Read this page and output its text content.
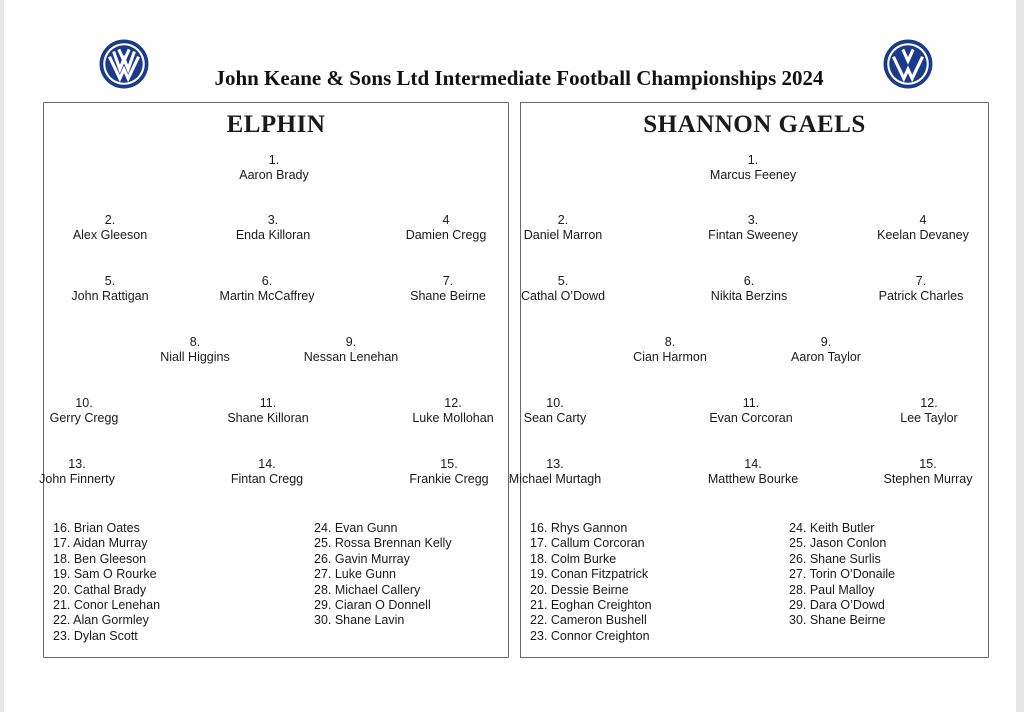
John Keane & Sons Ltd Intermediate Football Championships 2024
ELPHIN
1.
Aaron Brady
2.
Alex Gleeson
3.
Enda Killoran
4
Damien Cregg
5.
John Rattigan
6.
Martin McCaffrey
7.
Shane Beirne
8.
Niall Higgins
9.
Nessan Lenehan
10.
Gerry Cregg
11.
Shane Killoran
12.
Luke Mollohan
13.
John Finnerty
14.
Fintan Cregg
15.
Frankie Cregg
16. Brian Oates
17. Aidan Murray
18. Ben Gleeson
19. Sam O Rourke
20. Cathal Brady
21. Conor Lenehan
22. Alan Gormley
23. Dylan Scott
24. Evan Gunn
25. Rossa Brennan Kelly
26. Gavin Murray
27. Luke Gunn
28. Michael Callery
29. Ciaran O Donnell
30. Shane Lavin
SHANNON GAELS
1.
Marcus Feeney
2.
Daniel Marron
3.
Fintan Sweeney
4
Keelan Devaney
5.
Cathal O’Dowd
6.
Nikita Berzins
7.
Patrick Charles
8.
Cian Harmon
9.
Aaron Taylor
10.
Sean Carty
11.
Evan Corcoran
12.
Lee Taylor
13.
Michael Murtagh
14.
Matthew Bourke
15.
Stephen Murray
16. Rhys Gannon
17. Callum Corcoran
18. Colm Burke
19. Conan Fitzpatrick
20. Dessie Beirne
21. Eoghan Creighton
22. Cameron Bushell
23. Connor Creighton
24. Keith Butler
25. Jason Conlon
26. Shane Surlis
27. Torin O’Donaile
28. Paul Malloy
29. Dara O’Dowd
30. Shane Beirne
